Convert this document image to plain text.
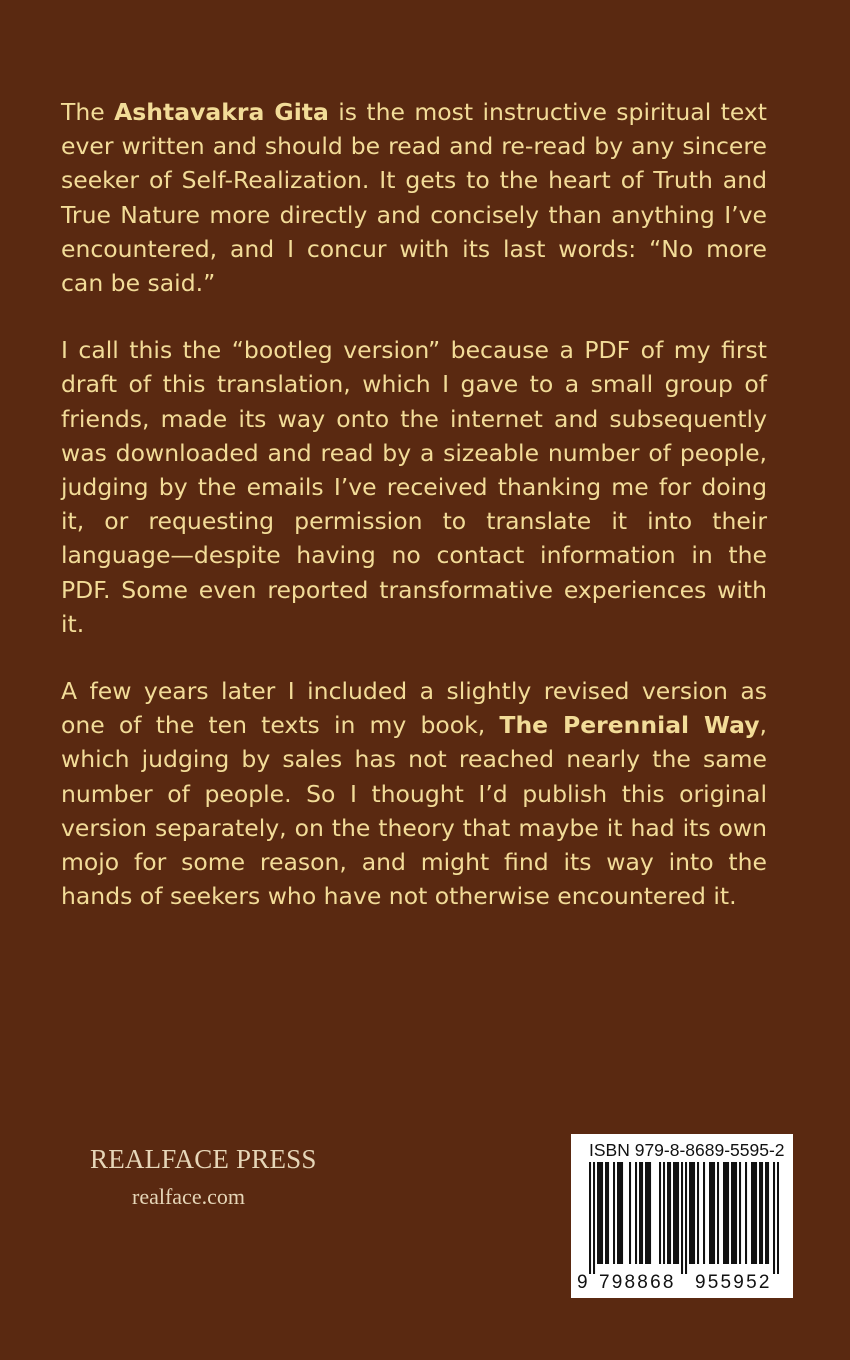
The Ashtavakra Gita is the most instructive spiritual text ever written and should be read and re-read by any sincere seeker of Self-Realization. It gets to the heart of Truth and True Nature more directly and concisely than anything I’ve encountered, and I concur with its last words: “No more can be said.”

I call this the “bootleg version” because a PDF of my first draft of this translation, which I gave to a small group of friends, made its way onto the internet and subsequently was downloaded and read by a sizeable number of people, judging by the emails I’ve received thanking me for doing it, or requesting permission to translate it into their language—despite having no contact information in the PDF. Some even reported transformative experiences with it.

A few years later I included a slightly revised version as one of the ten texts in my book, The Perennial Way, which judging by sales has not reached nearly the same number of people. So I thought I’d publish this original version separately, on the theory that maybe it had its own mojo for some reason, and might find its way into the hands of seekers who have not otherwise encountered it.

REALFACE PRESS
realface.com
ISBN 979-8-8689-5595-2
9 798868 955952
